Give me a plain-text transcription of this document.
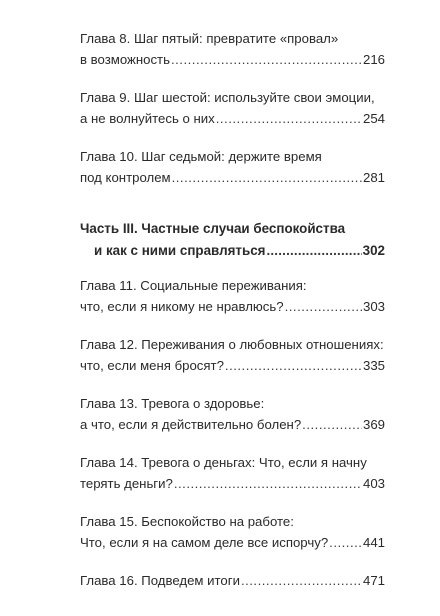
Глава 8. Шаг пятый: превратите «провал»
в возможность .....	216
Глава 9. Шаг шестой: используйте свои эмоции,
а не волнуйтесь о них .....	254
Глава 10. Шаг седьмой: держите время
под контролем .....	281
Часть III. Частные случаи беспокойства
и как с ними справляться .....	302
Глава 11. Социальные переживания:
что, если я никому не нравлюсь? .....	303
Глава 12. Переживания о любовных отношениях:
что, если меня бросят? .....	335
Глава 13. Тревога о здоровье:
а что, если я действительно болен? .....	369
Глава 14. Тревога о деньгах: Что, если я начну
терять деньги? .....	403
Глава 15. Беспокойство на работе:
Что, если я на самом деле все испорчу? .....	441
Глава 16. Подведем итоги .....	471
